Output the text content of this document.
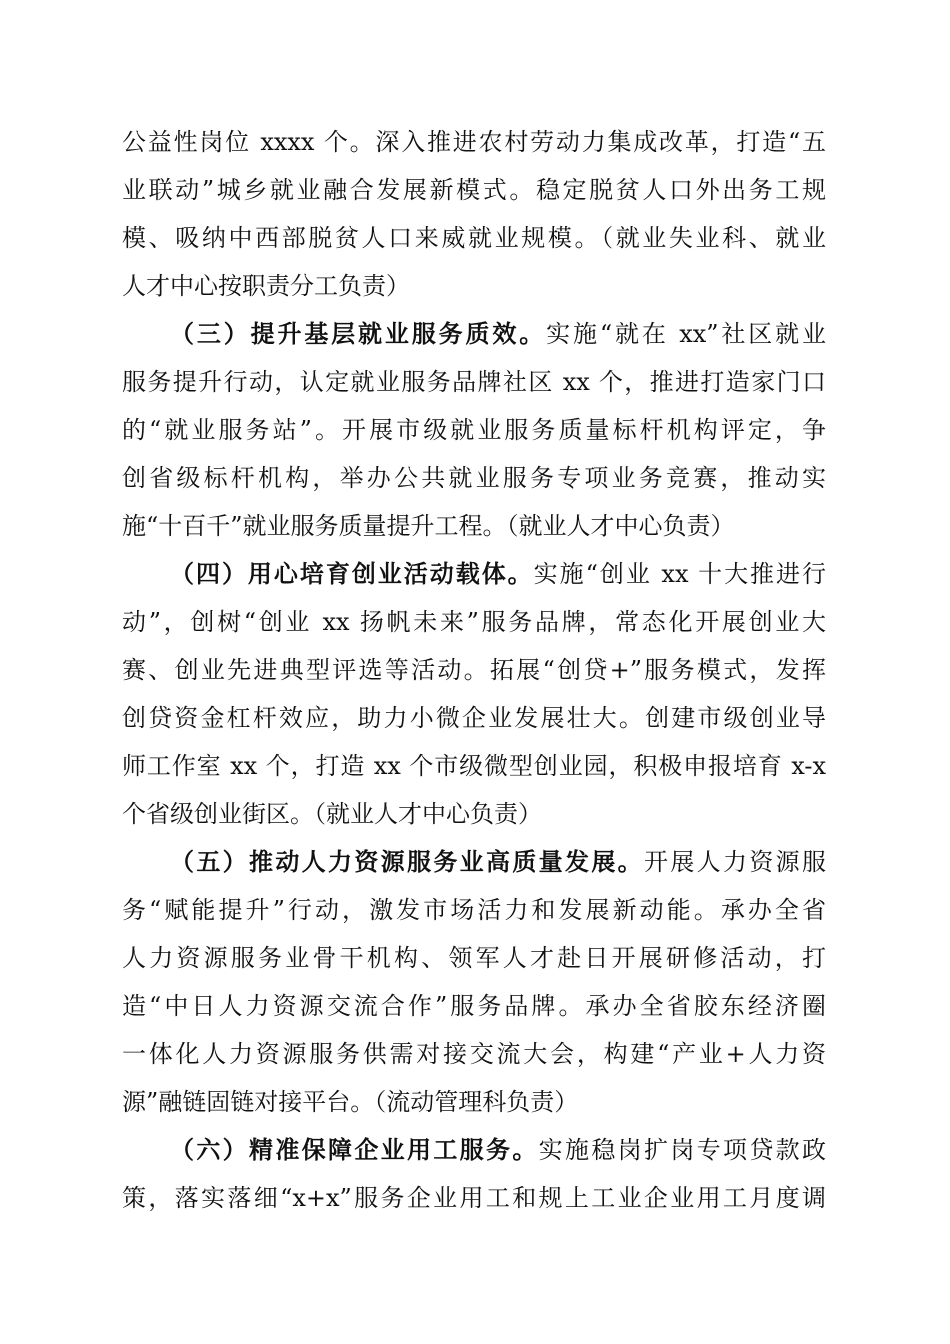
公益性岗位 xxxx 个。深入推进农村劳动力集成改革，打造“五
业联动”城乡就业融合发展新模式。稳定脱贫人口外出务工规
模、吸纳中西部脱贫人口来威就业规模。（就业失业科、就业
人才中心按职责分工负责）
（三）提升基层就业服务质效。实施“就在 xx”社区就业
服务提升行动，认定就业服务品牌社区 xx 个，推进打造家门口
的“就业服务站”。开展市级就业服务质量标杆机构评定，争
创省级标杆机构，举办公共就业服务专项业务竞赛，推动实
施“十百千”就业服务质量提升工程。（就业人才中心负责）
（四）用心培育创业活动载体。实施“创业 xx 十大推进行
动”，创树“创业 xx 扬帆未来”服务品牌，常态化开展创业大
赛、创业先进典型评选等活动。拓展“创贷+”服务模式，发挥
创贷资金杠杆效应，助力小微企业发展壮大。创建市级创业导
师工作室 xx 个，打造 xx 个市级微型创业园，积极申报培育 x-x
个省级创业街区。（就业人才中心负责）
（五）推动人力资源服务业高质量发展。开展人力资源服
务“赋能提升”行动，激发市场活力和发展新动能。承办全省
人力资源服务业骨干机构、领军人才赴日开展研修活动，打
造“中日人力资源交流合作”服务品牌。承办全省胶东经济圈
一体化人力资源服务供需对接交流大会，构建“产业+人力资
源”融链固链对接平台。（流动管理科负责）
（六）精准保障企业用工服务。实施稳岗扩岗专项贷款政
策，落实落细“x+x”服务企业用工和规上工业企业用工月度调
